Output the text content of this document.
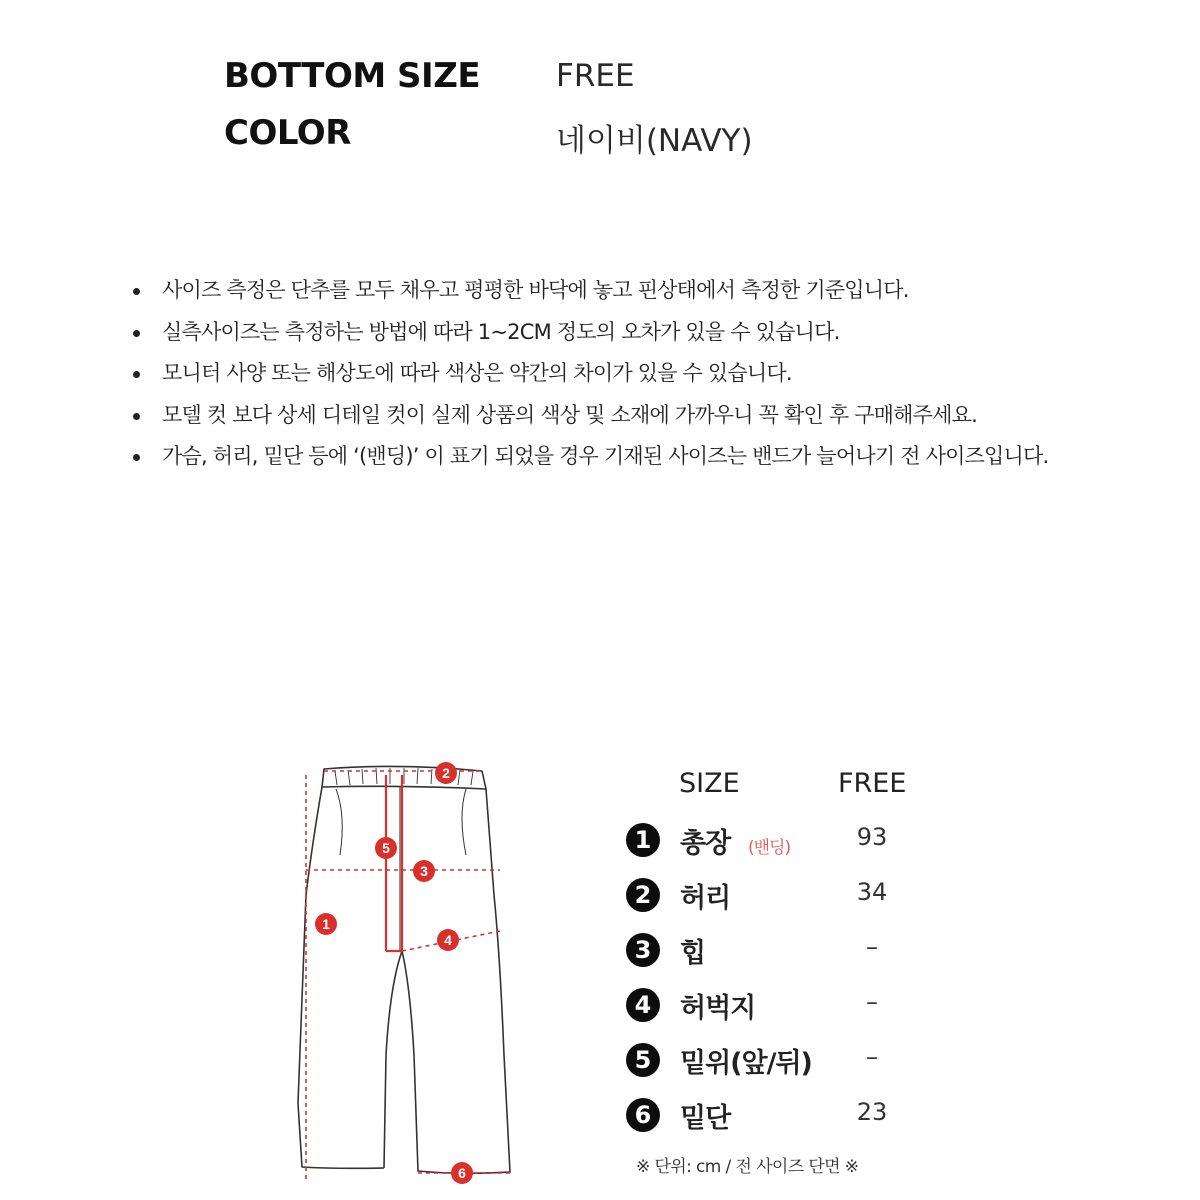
BOTTOM SIZE FREE
COLOR	네이비(NAVY)
사이즈 측정은 단추를 모두 채우고 평평한 바닥에 놓고 핀상태에서 측정한 기준입니다.
실측사이즈는 측정하는 방법에 따라 1~2CM 정도의 오차가 있을 수 있습니다.
모니터 사양 또는 해상도에 따라 색상은 약간의 차이가 있을 수 있습니다.
모델 컷 보다 상세 디테일 컷이 실제 상품의 색상 및 소재에 가까우니 꼭 확인 후 구매해주세요.
가슴, 허리, 밑단 등에 ‘(밴딩)’ 이 표기 되었을 경우 기재된 사이즈는 밴드가 늘어나기 전 사이즈입니다.
1
2
3
4
5
6
SIZE	FREE
1	총장 (밴딩)	93
2	허리	34
3	힙	–
4	허벅지	–
5	밑위(앞/뒤)	–
6	밑단	23
※ 단위: cm / 전 사이즈 단면 ※
